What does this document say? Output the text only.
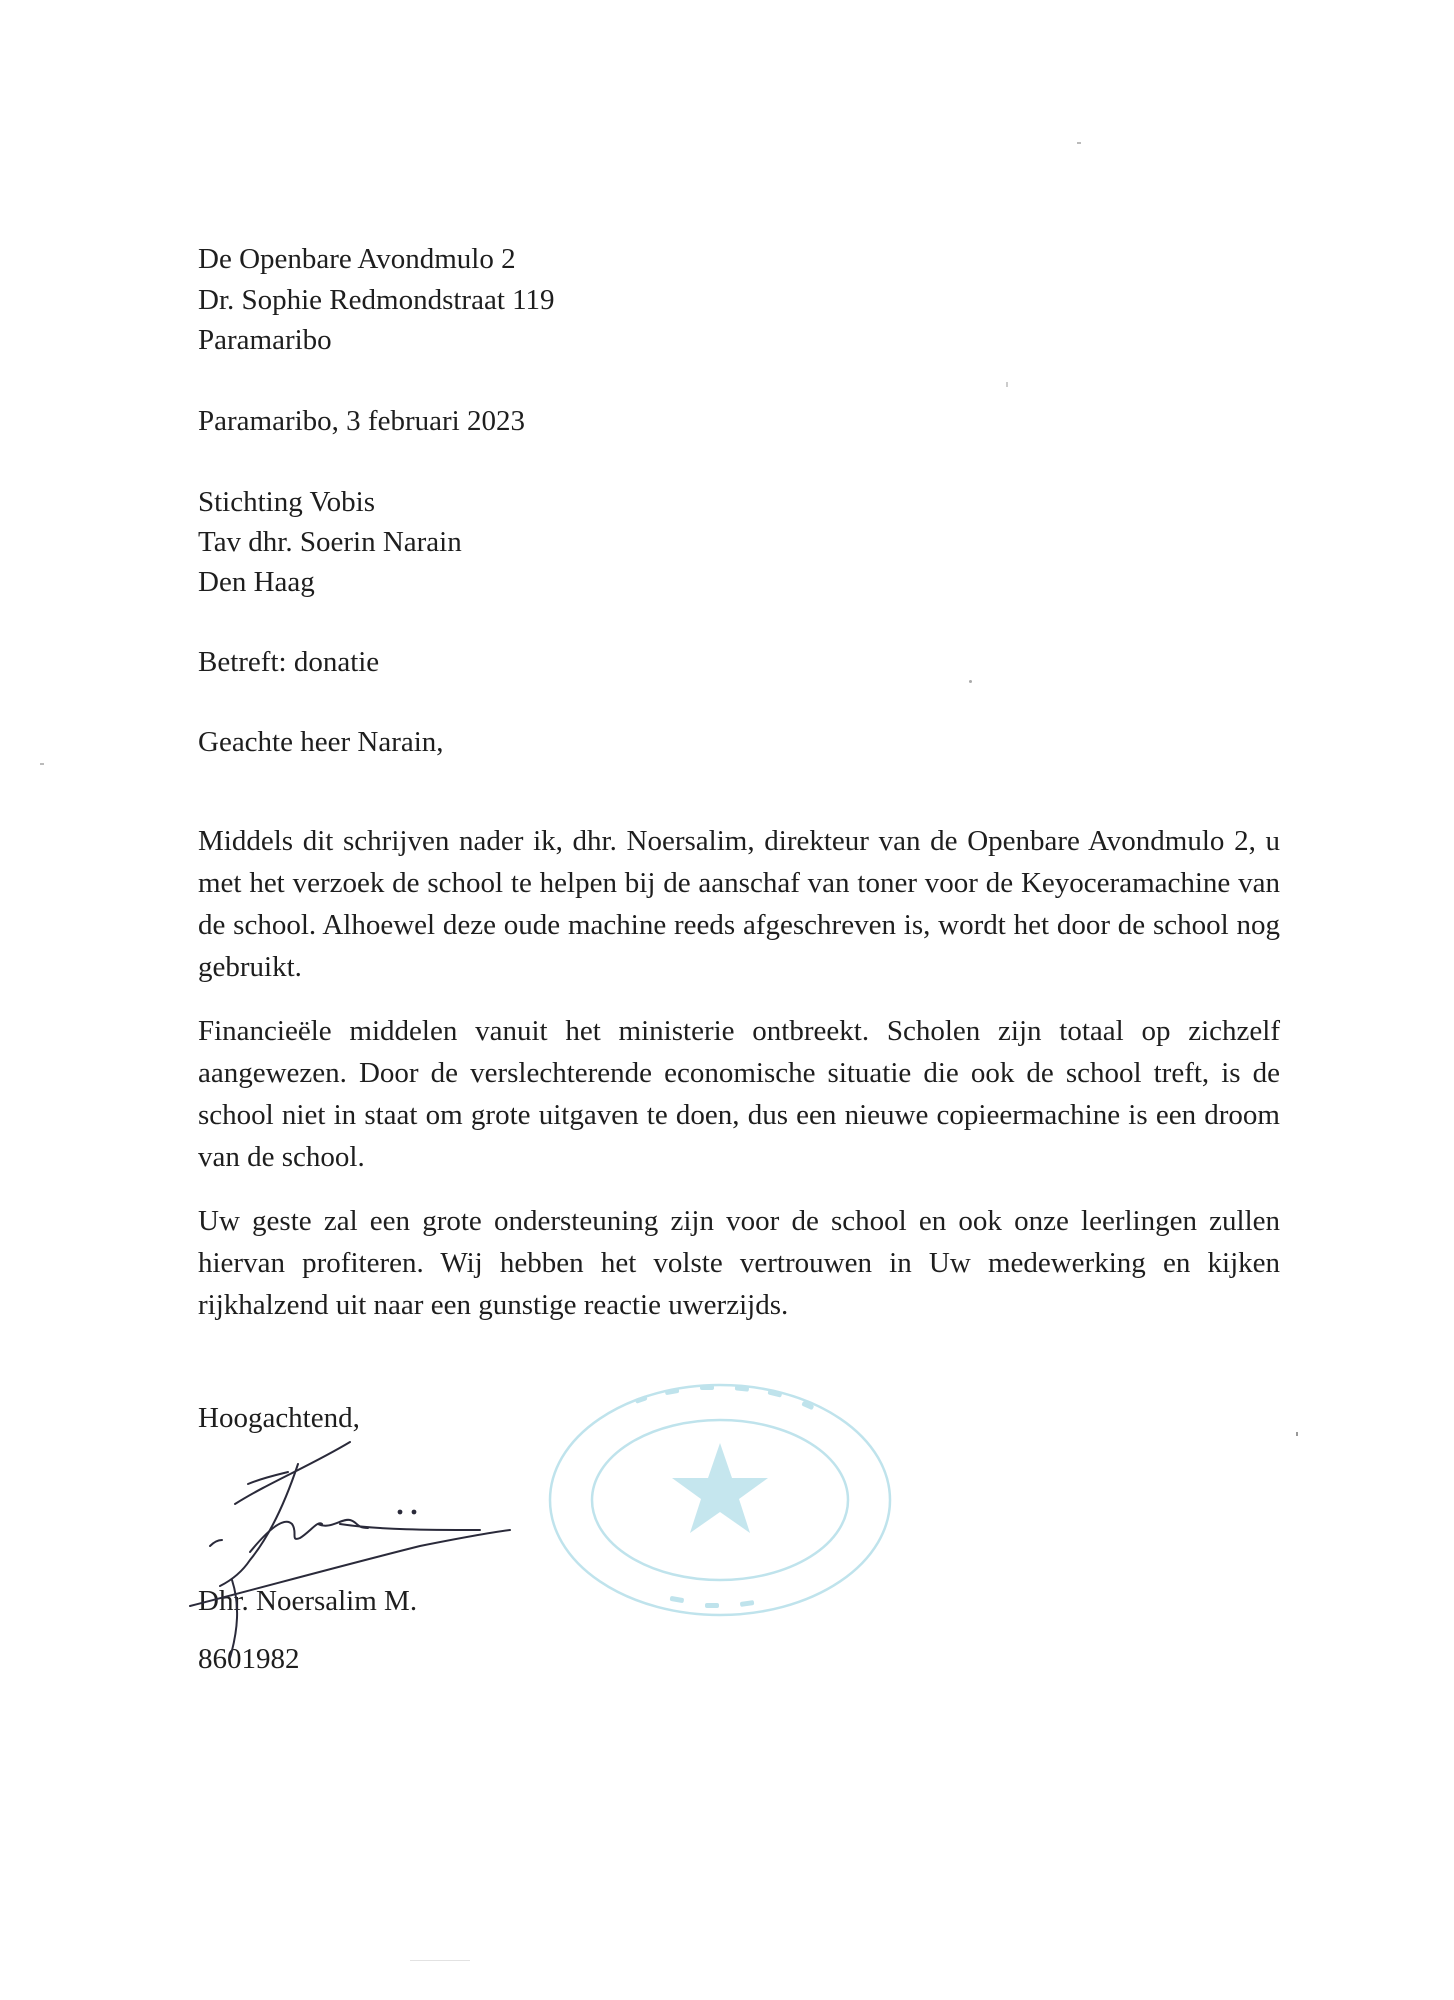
De Openbare Avondmulo 2
Dr. Sophie Redmondstraat 119
Paramaribo
Paramaribo, 3 februari 2023
Stichting Vobis
Tav dhr. Soerin Narain
Den Haag
Betreft: donatie
Geachte heer Narain,
Middels dit schrijven nader ik, dhr. Noersalim, direkteur van de Openbare Avondmulo 2, u met het verzoek de school te helpen bij de aanschaf van toner voor de Keyoceramachine van de school. Alhoewel deze oude machine reeds afgeschreven is, wordt het door de school nog gebruikt.
Financieële middelen vanuit het ministerie ontbreekt. Scholen zijn totaal op zichzelf aangewezen. Door de verslechterende economische situatie die ook de school treft, is de school niet in staat om grote uitgaven te doen, dus een nieuwe copieermachine is een droom van de school.
Uw geste zal een grote ondersteuning zijn voor de school en ook onze leerlingen zullen hiervan profiteren. Wij hebben het volste vertrouwen in Uw medewerking en kijken rijkhalzend uit naar een gunstige reactie uwerzijds.
Hoogachtend,
Dhr. Noersalim M.
8601982
